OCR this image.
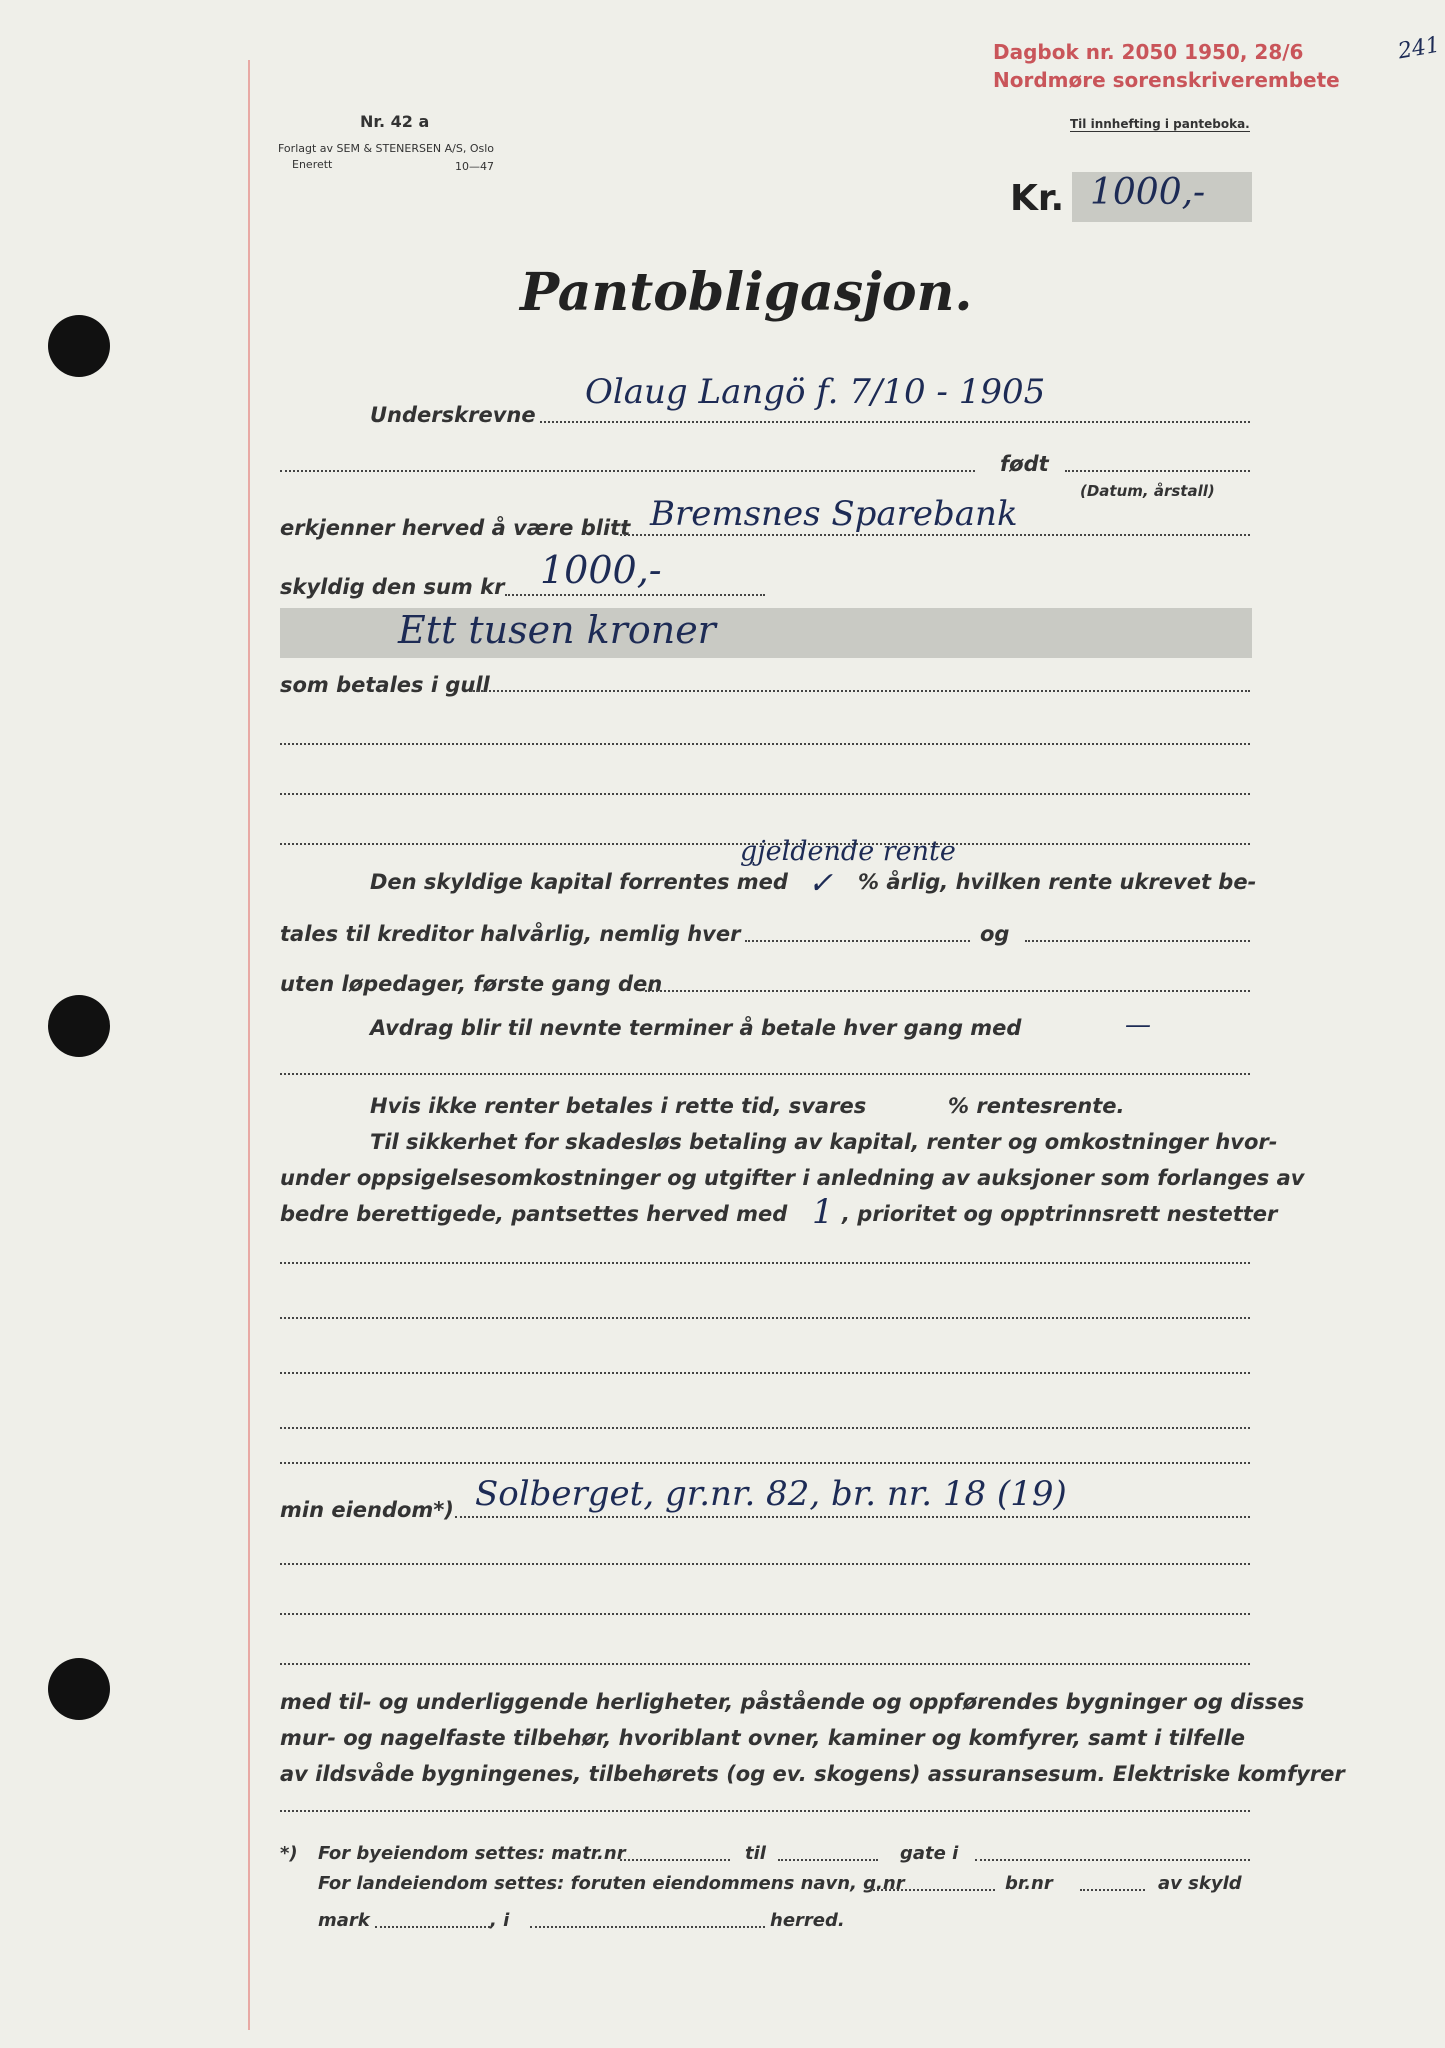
Dagbok nr. 2050 1950, 28/6
Nordmøre sorenskriverembete
241
Nr. 42 a
Forlagt av SEM & STENERSEN A/S, Oslo
Enerett	10—47
Til innhefting i panteboka.
Kr. 1000,-
Pantobligasjon.
Underskrevne
Olaug Langö f. 7/10 - 1905
født
(Datum, årstall)
erkjenner herved å være blitt Bremsnes Sparebank
skyldig den sum kr 1000,-
Ett tusen kroner
som betales i gull
gjeldende rente
Den skyldige kapital forrentes med ✓ % årlig, hvilken rente ukrevet be-
tales til kreditor halvårlig, nemlig hver	og
uten løpedager, første gang den
Avdrag blir til nevnte terminer å betale hver gang med	—
Hvis ikke renter betales i rette tid, svares	% rentesrente.
Til sikkerhet for skadesløs betaling av kapital, renter og omkostninger hvor-
under oppsigelsesomkostninger og utgifter i anledning av auksjoner som forlanges av
bedre berettigede, pantsettes herved med 1 , prioritet og opptrinnsrett nestetter
min eiendom*) Solberget, gr.nr. 82, br. nr. 18 (19)
med til- og underliggende herligheter, påstående og oppførendes bygninger og disses
mur- og nagelfaste tilbehør, hvoriblant ovner, kaminer og komfyrer, samt i tilfelle
av ildsvåde bygningenes, tilbehørets (og ev. skogens) assuransesum. Elektriske komfyrer
*) For byeiendom settes: matr.nr	til	gate i
For landeiendom settes: foruten eiendommens navn, g.nr	br.nr	av skyld
mark	, i	herred.
